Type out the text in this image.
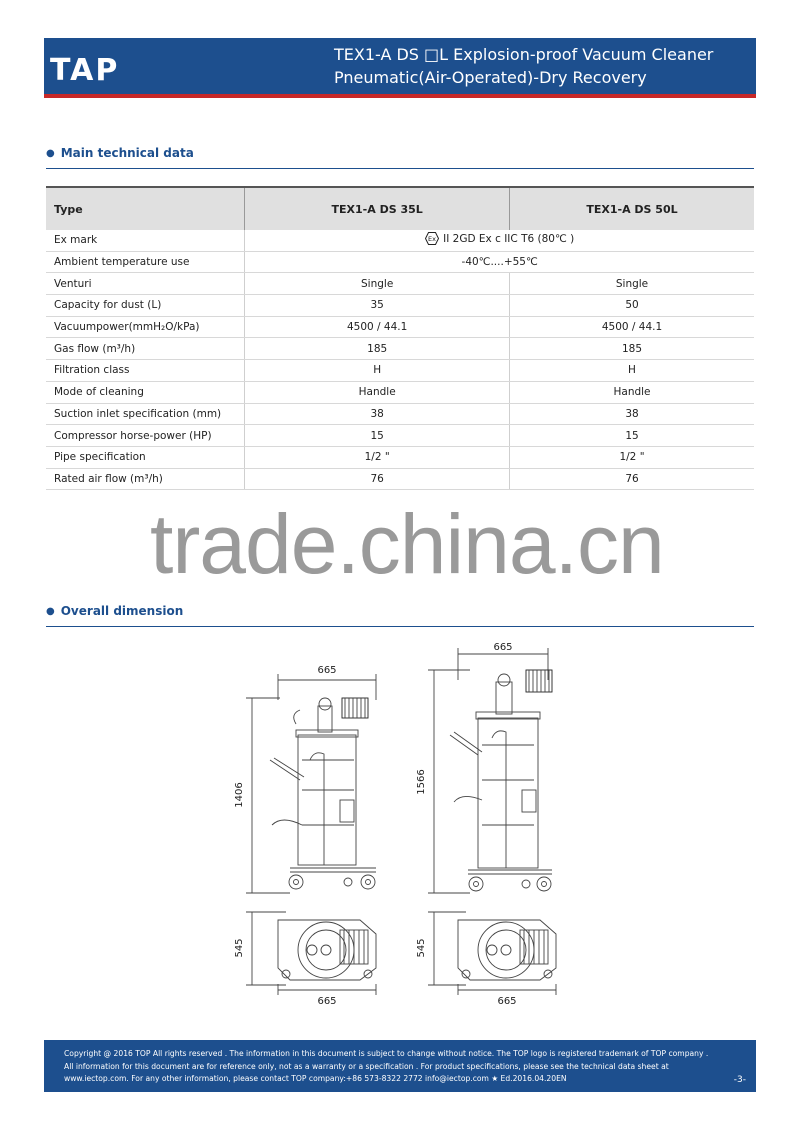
TAP	TEX1-A DS □L Explosion-proof Vacuum Cleaner
Pneumatic(Air-Operated)-Dry Recovery
● Main technical data
Type	TEX1-A DS 35L	TEX1-A DS 50L
Ex mark	Ex II 2GD Ex c IIC T6 (80℃ )	
Ambient temperature use	-40℃....+55℃	
Venturi	Single	Single
Capacity for dust (L)	35	50
Vacuumpower(mmH₂O/kPa)	4500 / 44.1	4500 / 44.1
Gas flow (m³/h)	185	185
Filtration class	H	H
Mode of cleaning	Handle	Handle
Suction inlet specification (mm)	38	38
Compressor horse-power (HP)	15	15
Pipe specification	1/2 "	1/2 "
Rated air flow (m³/h)	76	76
trade.china.cn
● Overall dimension
665
1406
665
1566
545
665
545
665
Copyright @ 2016 TOP All rights reserved . The information in this document is subject to change without notice. The TOP logo is registered trademark of TOP company .
All information for this document are for reference only, not as a warranty or a specification . For product specifications, please see the technical data sheet at
www.iectop.com. For any other information, please contact TOP company:+86 573-8322 2772 info@iectop.com ★ Ed.2016.04.20EN	-3-
